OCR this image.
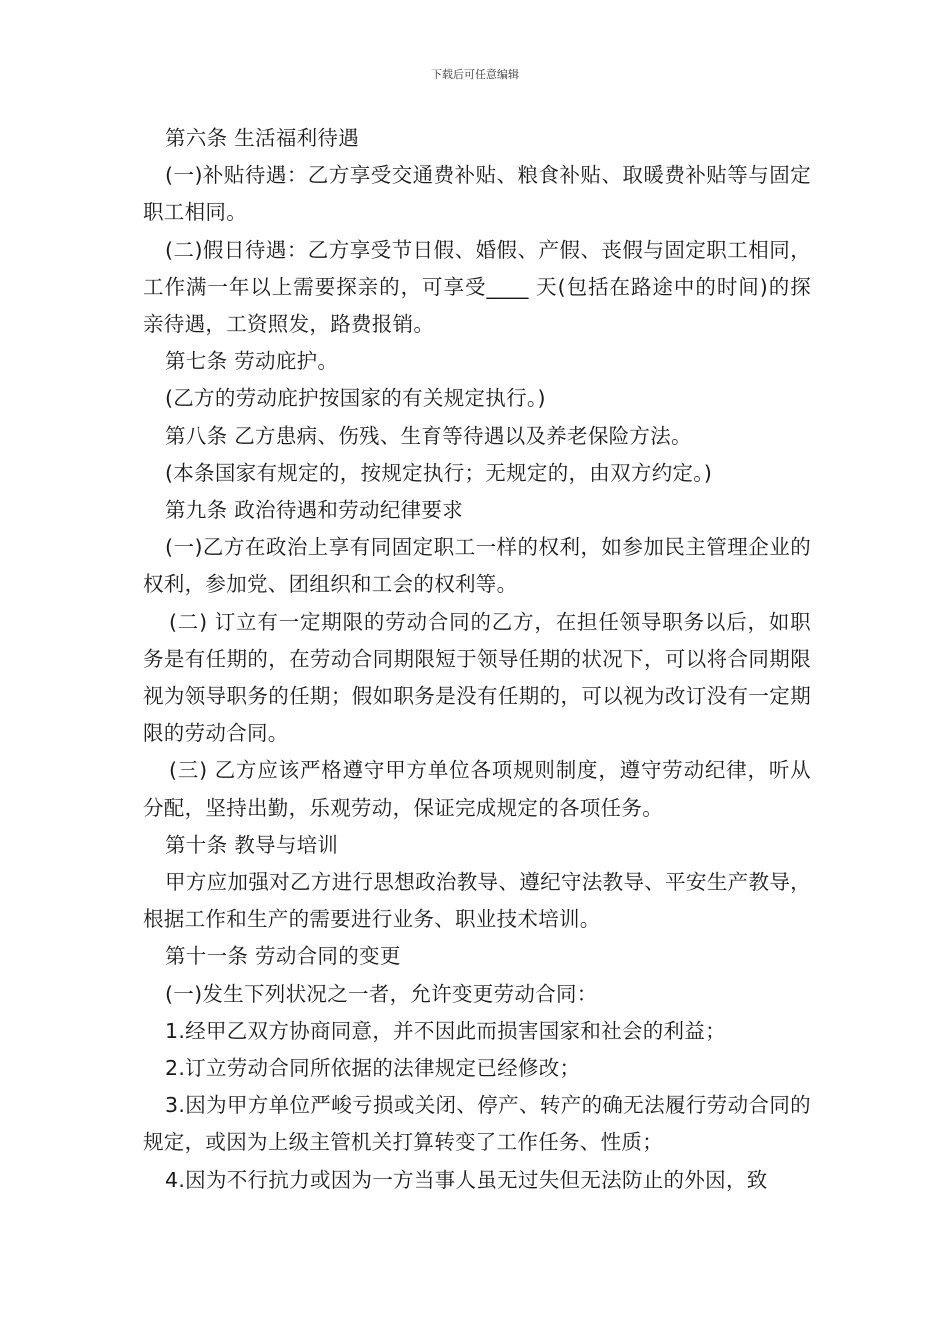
下载后可任意编辑

第六条 生活福利待遇

(一)补贴待遇：乙方享受交通费补贴、粮食补贴、取暖费补贴等与固定职工相同。

(二)假日待遇：乙方享受节日假、婚假、产假、丧假与固定职工相同，工作满一年以上需要探亲的，可享受____ 天(包括在路途中的时间)的探亲待遇，工资照发，路费报销。

第七条 劳动庇护。

(乙方的劳动庇护按国家的有关规定执行。)

第八条 乙方患病、伤残、生育等待遇以及养老保险方法。

(本条国家有规定的，按规定执行；无规定的，由双方约定。)

第九条 政治待遇和劳动纪律要求

(一)乙方在政治上享有同固定职工一样的权利，如参加民主管理企业的权利，参加党、团组织和工会的权利等。

(二) 订立有一定期限的劳动合同的乙方，在担任领导职务以后，如职务是有任期的，在劳动合同期限短于领导任期的状况下，可以将合同期限视为领导职务的任期；假如职务是没有任期的，可以视为改订没有一定期限的劳动合同。

(三) 乙方应该严格遵守甲方单位各项规则制度，遵守劳动纪律，听从分配，坚持出勤，乐观劳动，保证完成规定的各项任务。

第十条 教导与培训

甲方应加强对乙方进行思想政治教导、遵纪守法教导、平安生产教导，根据工作和生产的需要进行业务、职业技术培训。

第十一条 劳动合同的变更

(一)发生下列状况之一者，允许变更劳动合同：

1.经甲乙双方协商同意，并不因此而损害国家和社会的利益；

2.订立劳动合同所依据的法律规定已经修改；

3.因为甲方单位严峻亏损或关闭、停产、转产的确无法履行劳动合同的规定，或因为上级主管机关打算转变了工作任务、性质；

4.因为不行抗力或因为一方当事人虽无过失但无法防止的外因，致
